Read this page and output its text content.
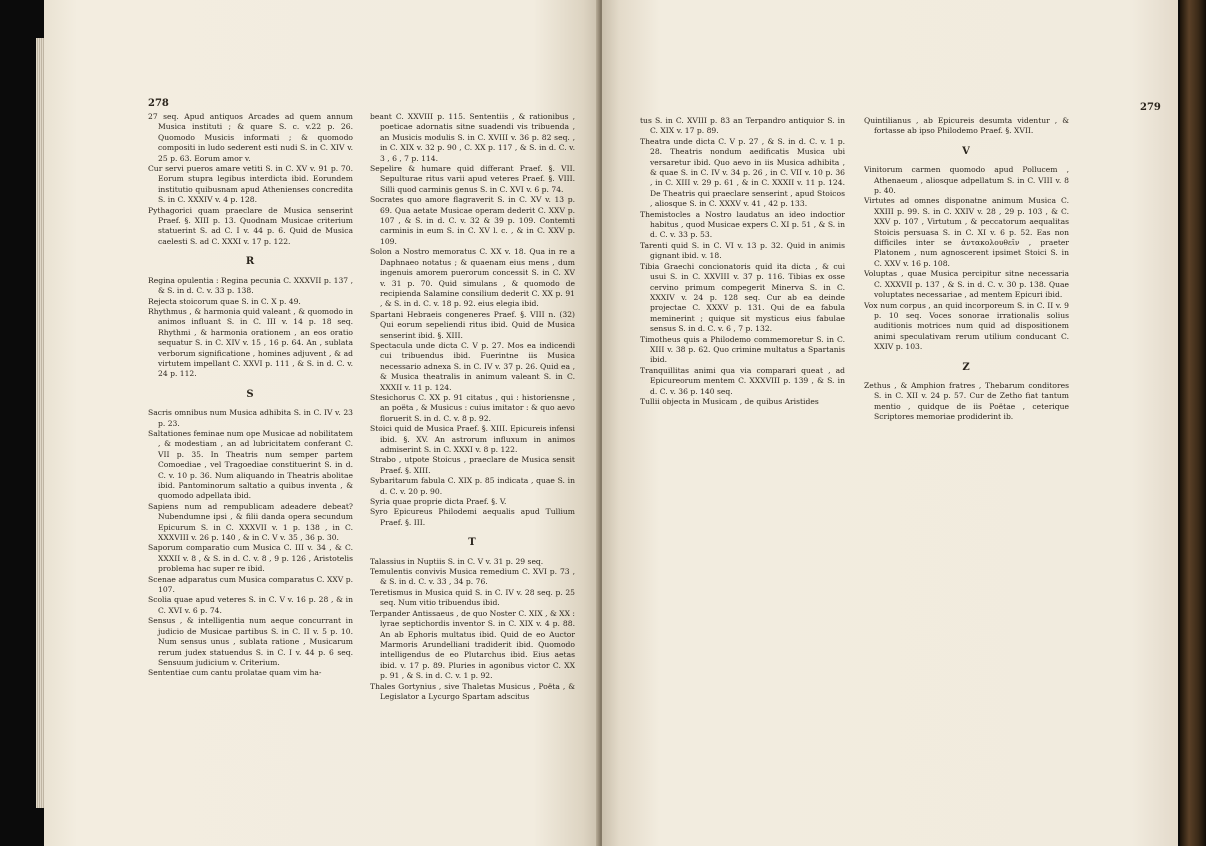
278
27 seq. Apud antiquos Arcades ad quem annum Musica instituti ; & quare S. c. v.22 p. 26. Quomodo Musicis informati ; & quomodo compositi in ludo sederent esti nudi S. in C. XIV v. 25 p. 63. Eorum amor v.
Cur servi pueros amare vetiti S. in C. XV v. 91 p. 70. Eorum stupra legibus interdicta ibid. Eorundem institutio quibusnam apud Athenienses concredita S. in C. XXXIV v. 4 p. 128.
Pythagorici quam praeclare de Musica senserint Praef. §. XIII p. 13. Quodnam Musicae criterium statuerint S. ad C. I v. 44 p. 6. Quid de Musica caelesti S. ad C. XXXI v. 17 p. 122.
R
Regina opulentia : Regina pecunia C. XXXVII p. 137 , & S. in d. C. v. 33 p. 138.
Rejecta stoicorum quae S. in C. X p. 49.
Rhythmus , & harmonia quid valeant , & quomodo in animos influant S. in C. III v. 14 p. 18 seq. Rhythmi , & harmonia orationem , an eos oratio sequatur S. in C. XIV v. 15 , 16 p. 64. An , sublata verborum significatione , homines adjuvent , & ad virtutem impellant C. XXVI p. 111 , & S. in d. C. v. 24 p. 112.
S
Sacris omnibus num Musica adhibita S. in C. IV v. 23 p. 23.
Saltationes feminae num ope Musicae ad nobilitatem , & modestiam , an ad lubricitatem conferant C. VII p. 35. In Theatris num semper partem Comoediae , vel Tragoediae constituerint S. in d. C. v. 10 p. 36. Num aliquando in Theatris abolitae ibid. Pantominorum saltatio a quibus inventa , & quomodo adpellata ibid.
Sapiens num ad rempublicam adeadere debeat? Nubendumne ipsi , & filii danda opera secundum Epicurum S. in C. XXXVII v. 1 p. 138 , in C. XXXVIII v. 26 p. 140 , & in C. V v. 35 , 36 p. 30.
Saporum comparatio cum Musica C. III v. 34 , & C. XXXII v. 8 , & S. in d. C. v. 8 , 9 p. 126 , Aristotelis problema hac super re ibid.
Scenae adparatus cum Musica comparatus C. XXV p. 107.
Scolia quae apud veteres S. in C. V v. 16 p. 28 , & in C. XVI v. 6 p. 74.
Sensus , & intelligentia num aeque concurrant in judicio de Musicae partibus S. in C. II v. 5 p. 10. Num sensus unus , sublata ratione , Musicarum rerum judex statuendus S. in C. I v. 44 p. 6 seq. Sensuum judicium v. Criterium.
Sententiae cum cantu prolatae quam vim ha-
beant C. XXVIII p. 115. Sententiis , & rationibus , poeticae adornatis sitne suadendi vis tribuenda , an Musicis modulis S. in C. XVIII v. 36 p. 82 seq. , in C. XIX v. 32 p. 90 , C. XX p. 117 , & S. in d. C. v. 3 , 6 , 7 p. 114.
Sepelire & humare quid differant Praef. §. VII. Sepulturae ritus varii apud veteres Praef. §. VIII. Silli quod carminis genus S. in C. XVI v. 6 p. 74.
Socrates quo amore flagraverit S. in C. XV v. 13 p. 69. Qua aetate Musicae operam dederit C. XXV p. 107 , & S. in d. C. v. 32 & 39 p. 109. Contemti carminis in eum S. in C. XV l. c. , & in C. XXV p. 109.
Solon a Nostro memoratus C. XX v. 18. Qua in re a Daphnaeo notatus ; & quaenam eius mens , dum ingenuis amorem puerorum concessit S. in C. XV v. 31 p. 70. Quid simulans , & quomodo de recipienda Salamine consilium dederit C. XX p. 91 , & S. in d. C. v. 18 p. 92. eius elegia ibid.
Spartani Hebraeis congeneres Praef. §. VIII n. (32) Qui eorum sepeliendi ritus ibid. Quid de Musica senserint ibid. §. XIII.
Spectacula unde dicta C. V p. 27. Mos ea indicendi cui tribuendus ibid. Fuerintne iis Musica necessario adnexa S. in C. IV v. 37 p. 26. Quid ea , & Musica theatralis in animum valeant S. in C. XXXII v. 11 p. 124.
Stesichorus C. XX p. 91 citatus , qui : historiensne , an poëta , & Musicus : cuius imitator : & quo aevo floruerit S. in d. C. v. 8 p. 92.
Stoici quid de Musica Praef. §. XIII. Epicureis infensi ibid. §. XV. An astrorum influxum in animos admiserint S. in C. XXXI v. 8 p. 122.
Strabo , utpote Stoicus , praeclare de Musica sensit Praef. §. XIII.
Sybaritarum fabula C. XIX p. 85 indicata , quae S. in d. C. v. 20 p. 90.
Syria quae proprie dicta Praef. §. V.
Syro Epicureus Philodemi aequalis apud Tullium Praef. §. III.
T
Talassius in Nuptiis S. in C. V v. 31 p. 29 seq.
Temulentis convivis Musica remedium C. XVI p. 73 , & S. in d. C. v. 33 , 34 p. 76.
Teretismus in Musica quid S. in C. IV v. 28 seq. p. 25 seq. Num vitio tribuendus ibid.
Terpander Antissaeus , de quo Noster C. XIX , & XX : lyrae septichordis inventor S. in C. XIX v. 4 p. 88. An ab Ephoris multatus ibid. Quid de eo Auctor Marmoris Arundelliani tradiderit ibid. Quomodo intelligendus de eo Plutarchus ibid. Eius aetas ibid. v. 17 p. 89. Pluries in agonibus victor C. XX p. 91 , & S. in d. C. v. 1 p. 92.
Thales Gortynius , sive Thaletas Musicus , Poëta , & Legislator a Lycurgo Spartam adscitus
279
tus S. in C. XVIII p. 83 an Terpandro antiquior S. in C. XIX v. 17 p. 89.
Theatra unde dicta C. V p. 27 , & S. in d. C. v. 1 p. 28. Theatris nondum aedificatis Musica ubi versaretur ibid. Quo aevo in iis Musica adhibita , & quae S. in C. IV v. 34 p. 26 , in C. VII v. 10 p. 36 , in C. XIII v. 29 p. 61 , & in C. XXXII v. 11 p. 124. De Theatris qui praeclare senserint , apud Stoicos , aliosque S. in C. XXXV v. 41 , 42 p. 133.
Themistocles a Nostro laudatus an ideo indoctior habitus , quod Musicae expers C. XI p. 51 , & S. in d. C. v. 33 p. 53.
Tarenti quid S. in C. VI v. 13 p. 32. Quid in animis gignant ibid. v. 18.
Tibia Graechi concionatoris quid ita dicta , & cui usui S. in C. XXVIII v. 37 p. 116. Tibias ex osse cervino primum compegerit Minerva S. in C. XXXIV v. 24 p. 128 seq. Cur ab ea deinde projectae C. XXXV p. 131. Qui de ea fabula meminerint ; quique sit mysticus eius fabulae sensus S. in d. C. v. 6 , 7 p. 132.
Timotheus quis a Philodemo commemoretur S. in C. XIII v. 38 p. 62. Quo crimine multatus a Spartanis ibid.
Tranquillitas animi qua via comparari queat , ad Epicureorum mentem C. XXXVIII p. 139 , & S. in d. C. v. 36 p. 140 seq.
Tullii objecta in Musicam , de quibus Aristides
Quintilianus , ab Epicureis desumta videntur , & fortasse ab ipso Philodemo Praef. §. XVII.
V
Vinitorum carmen quomodo apud Pollucem , Athenaeum , aliosque adpellatum S. in C. VIII v. 8 p. 40.
Virtutes ad omnes disponatne animum Musica C. XXIII p. 99. S. in C. XXIV v. 28 , 29 p. 103 , & C. XXV p. 107 , Virtutum , & peccatorum aequalitas Stoicis persuasa S. in C. XI v. 6 p. 52. Eas non difficiles inter se ἀντακολουθεῖν , praeter Platonem , num agnoscerent ipsimet Stoici S. in C. XXV v. 16 p. 108.
Voluptas , quae Musica percipitur sitne necessaria C. XXXVII p. 137 , & S. in d. C. v. 30 p. 138. Quae voluptates necessariae , ad mentem Epicuri ibid.
Vox num corpus , an quid incorporeum S. in C. II v. 9 p. 10 seq. Voces sonorae irrationalis solius auditionis motrices num quid ad dispositionem animi speculativam rerum utilium conducant C. XXIV p. 103.
Z
Zethus , & Amphion fratres , Thebarum conditores S. in C. XII v. 24 p. 57. Cur de Zetho fiat tantum mentio , quidque de iis Poëtae , ceterique Scriptores memoriae prodiderint ib.
